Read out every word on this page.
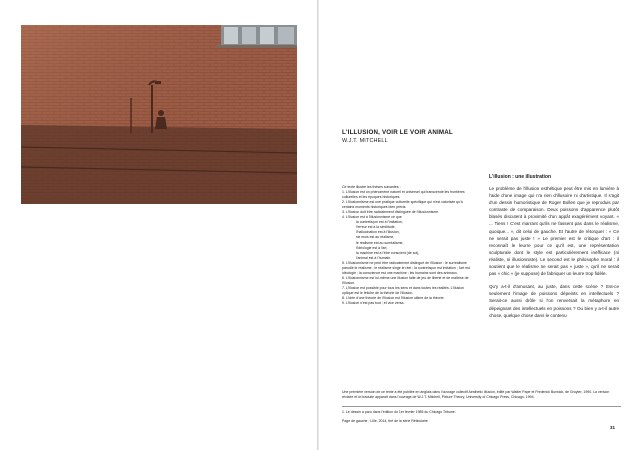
L'ILLUSION, VOIR LE VOIR ANIMAL
W.J.T. MITCHELL

Ce texte illustre les thèses suivantes :

1. L'illusion est un phénomène naturel et universel qui transcende les frontières culturelles et les époques historiques.
2. L'illusionnisme est une pratique culturelle spécifique qui n'est valorisée qu'à certains moments historiques bien précis.
3. L'illusion doit être radicalement distinguée de l'illusionnisme.
4. L'illusion est à l'illusionnisme ce que
la contrefaçon est à l'imitation,
l'erreur est à la similitude,
l'hallucination est à l'illusion,
six mois est au réalisme,
le réalisme est au surréalisme,
l'idéologie est à l'art,
la machine est à l'être conscient (de soi),
l'animal est à l'humain.
5. L'illusionnisme ne peut être radicalement distingué de l'illusion : le surréalisme parodie le réalisme ; le réalisme singe le réel ; la contrefaçon est imitation ; l'art est idéologie ; la conscience est une machine ; les humains sont des animaux.
6. L'illusionnisme est lui-même une illusion faite de jeu de liberté et de maîtrise de l'illusion.
7. L'illusion est possible pour tous les sens et dans toutes les réalités. L'illusion optique est le fétiche de la théorie de l'illusion.
8. L'idée d'une théorie de l'illusion est l'illusion ultime de la théorie.
9. L'illusion n'est pas tout ; et vice versa.
L'illusion : une illustration

Le problème de l'illusion esthétique peut être mis en lumière à l'aide d'une image qui n'a rien d'illusoire ni d'artistique. Il s'agit d'un dessin humoristique de Roger Bollen que je reproduis par contraste de comparaison. Deux poissons d'apparence plutôt blasés discutent à proximité d'un appât exagérément voyant. « ... Tiens ! C'est marrant qu'ils ne fassent pas dans le réalisme, quoique... », dit celui de gauche. Et l'autre de rétorquer : « Ce ne serait pas juste ! » Le premier est le critique d'art : il reconnaît le leurre pour ce qu'il est, une représentation sculpturale dont le style est particulièrement inefficace (ni réaliste, ni illusionniste). Le second est le philosophe moral : il soutient que le réalisme ne serait pas « juste », qu'il ne serait pas « chic » (je suppose) de fabriquer un leurre trop fidèle.

Qu'y a-t-il d'amusant, au juste, dans cette scène ? Est-ce seulement l'image de poissons dépeints en intellectuels ? Serait-ce aussi drôle si l'on renversait la métaphore en dépeignant des intellectuels en poissons ? Ou bien y a-t-il autre chose, quelque chose dans le contenu

Une première version de ce texte a été publiée en anglais dans l'ouvrage collectif Aesthetic Illusion, édité par Walter Pape et Frederick Burwick, de Gruyter, 1990. La version révisée et ici traduite apparaît dans l'ouvrage de W.J.T. Mitchell, Picture Theory, University of Chicago Press, Chicago, 1994.

1. Le dessin a paru dans l'édition du 1er février 1985 du Chicago Tribune.
Page de gauche : Lille, 2014, tiré de la série Réticulaire
31
